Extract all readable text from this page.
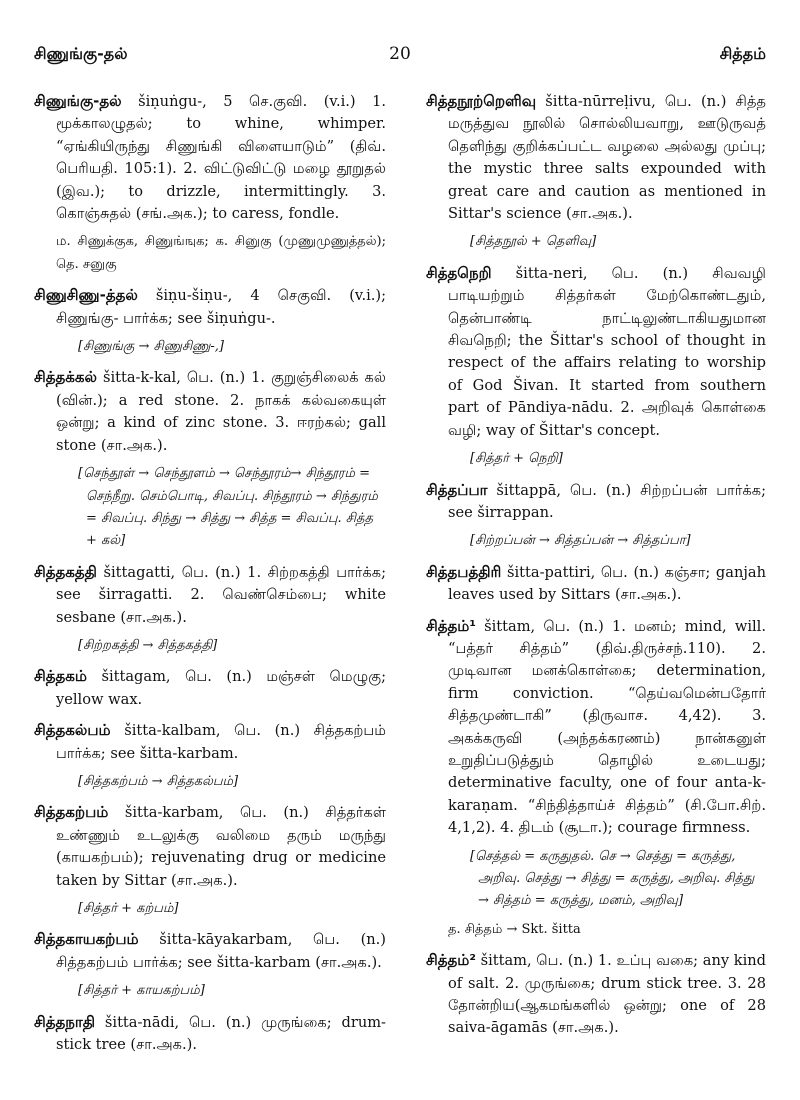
சிணுங்கு-தல்	20	சித்தம்
சிணுங்கு-தல் šiṇuṅgu-, 5 செ.குவி. (v.i.) 1. மூக்காலழுதல்; to whine, whimper. “ஏங்கியிருந்து சிணுங்கி விளையாடும்” (திவ். பெரியதி. 105:1). 2. விட்டுவிட்டு மழை தூறுதல் (இவ.); to drizzle, intermittingly. 3. கொஞ்சுதல் (சங்.அக.); to caress, fondle.
ம. சிணுக்குக, சிணுங்ஙுக; க. சினுகு (முணுமுணுத்தல்); தெ. சனுகு
சிணுசிணு-த்தல் šiṇu-šiṇu-, 4 செகுவி. (v.i.); சிணுங்கு- பார்க்க; see šiṇuṅgu-.
[சிணுங்கு → சிணுசிணு-,]
சித்தக்கல் šitta-k-kal, பெ. (n.) 1. குறுஞ்சிலைக் கல் (வின்.); a red stone. 2. நாகக் கல்வகையுள் ஒன்று; a kind of zinc stone. 3. ஈரற்கல்; gall stone (சா.அக.).
[செந்தூள் → செந்தூளம் → செந்தூரம்→ சிந்தூரம் = செந்நீறு. செம்பொடி, சிவப்பு. சிந்தூரம் → சிந்துரம் = சிவப்பு. சிந்து → சித்து → சித்த = சிவப்பு. சித்த + கல்]
சித்தகத்தி šittagatti, பெ. (n.) 1. சிற்றகத்தி பார்க்க; see širragatti. 2. வெண்செம்பை; white sesbane (சா.அக.).
[சிற்றகத்தி → சித்தகத்தி]
சித்தகம் šittagam, பெ. (n.) மஞ்சள் மெழுகு; yellow wax.
சித்தகல்பம் šitta-kalbam, பெ. (n.) சித்தகற்பம் பார்க்க; see šitta-karbam.
[சித்தகற்பம் → சித்தகல்பம்]
சித்தகற்பம் šitta-karbam, பெ. (n.) சித்தர்கள் உண்ணும் உடலுக்கு வலிமை தரும் மருந்து (காயகற்பம்); rejuvenating drug or medicine taken by Sittar (சா.அக.).
[சித்தர் + கற்பம்]
சித்தகாயகற்பம் šitta-kāyakarbam, பெ. (n.) சித்தகற்பம் பார்க்க; see šitta-karbam (சா.அக.).
[சித்தர் + காயகற்பம்]
சித்தநாதி šitta-nādi, பெ. (n.) முருங்கை; drum-stick tree (சா.அக.).
சித்தநூற்றெளிவு šitta-nūrreḷivu, பெ. (n.) சித்த மருத்துவ நூலில் சொல்லியவாறு, ஊடுருவத் தெளிந்து குறிக்கப்பட்ட வழலை அல்லது முப்பு; the mystic three salts expounded with great care and caution as mentioned in Sittar's science (சா.அக.).
[சித்தநூல் + தெளிவு]
சித்தநெறி šitta-neri, பெ. (n.) சிவவழி பாடியற்றும் சித்தர்கள் மேற்கொண்டதும், தென்பாண்டி நாட்டிலுண்டாகியதுமான சிவநெறி; the Šittar's school of thought in respect of the affairs relating to worship of God Šivan. It started from southern part of Pāndiya-nādu. 2. அறிவுக் கொள்கை வழி; way of Šittar's concept.
[சித்தர் + நெறி]
சித்தப்பா šittappā, பெ. (n.) சிற்றப்பன் பார்க்க; see širrappan.
[சிற்றப்பன் → சித்தப்பன் → சித்தப்பா]
சித்தபத்திரி šitta-pattiri, பெ. (n.) கஞ்சா; ganjah leaves used by Sittars (சா.அக.).
சித்தம்¹ šittam, பெ. (n.) 1. மனம்; mind, will. “பத்தர் சித்தம்” (திவ்.திருச்சந்.110). 2. முடிவான மனக்கொள்கை; determination, firm conviction. “தெய்வமென்பதோர் சித்தமுண்டாகி” (திருவாச. 4,42). 3. அகக்கருவி (அந்தக்கரணம்) நான்கனுள் உறுதிப்படுத்தும் தொழில் உடையது; determinative faculty, one of four anta-k-karaṇam. “சிந்தித்தாய்ச் சித்தம்” (சி.போ.சிற். 4,1,2). 4. திடம் (சூடா.); courage firmness.
[செத்தல் = கருதுதல். செ → செத்து = கருத்து, அறிவு. செத்து → சித்து = கருத்து, அறிவு. சித்து → சித்தம் = கருத்து, மனம், அறிவு]
த. சித்தம் → Skt. šitta
சித்தம்² šittam, பெ. (n.) 1. உப்பு வகை; any kind of salt. 2. முருங்கை; drum stick tree. 3. 28 தோன்றிய(ஆகமங்களில் ஒன்று; one of 28 saiva-āgamās (சா.அக.).
